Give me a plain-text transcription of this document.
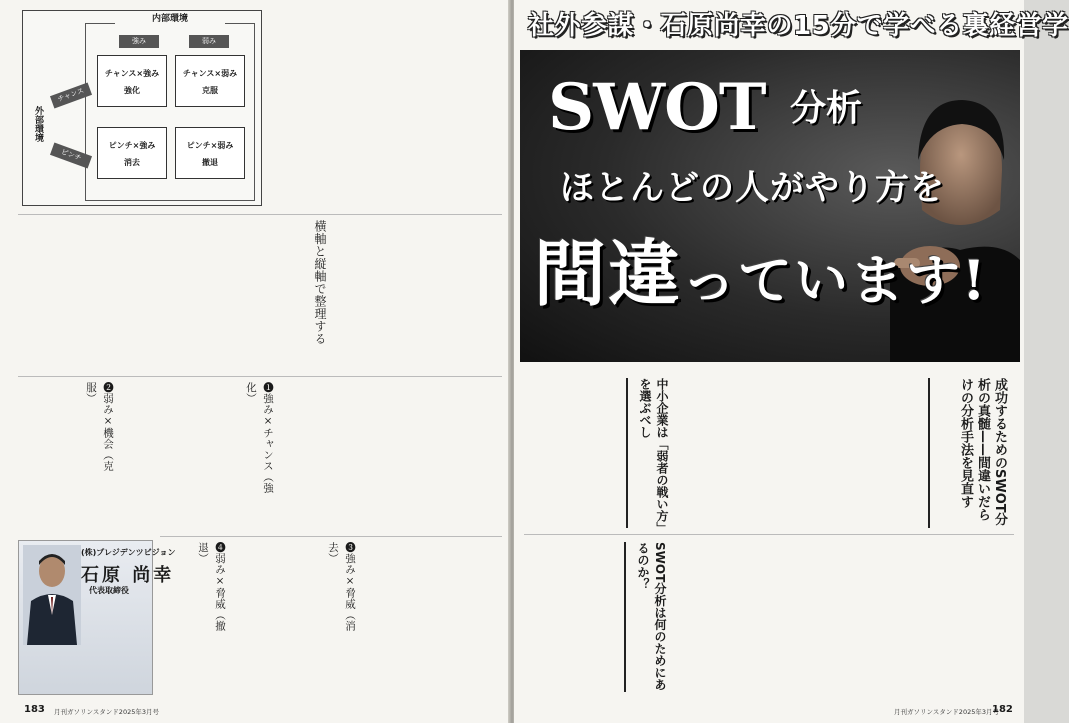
内部環境
外部環境
強み	弱み
チャンス
ピンチ
チャンス×強み
強化
チャンス×弱み
克服
ピンチ×強み
消去
ピンチ×弱み
撤退
横軸と縦軸で整理する
❶強み×チャンス（強化）
❷弱み×機会（克服）
❸強み×脅威（消去）
❹弱み×脅威（撤退）
(株)プレジデンツビジョン
石原 尚幸
代表取締役
183 月刊ガソリンスタンド2025年3月号
社外参謀・石原尚幸の15分で学べる裏経営学
SWOT 分析
ほとんどの人がやり方を
間違っています!
成功するためのSWOT分析の真髄——間違いだらけの分析手法を見直す
中小企業は「弱者の戦い方」を選ぶべし
SWOT分析は何のためにあるのか？
月刊ガソリンスタンド2025年3月号
182
